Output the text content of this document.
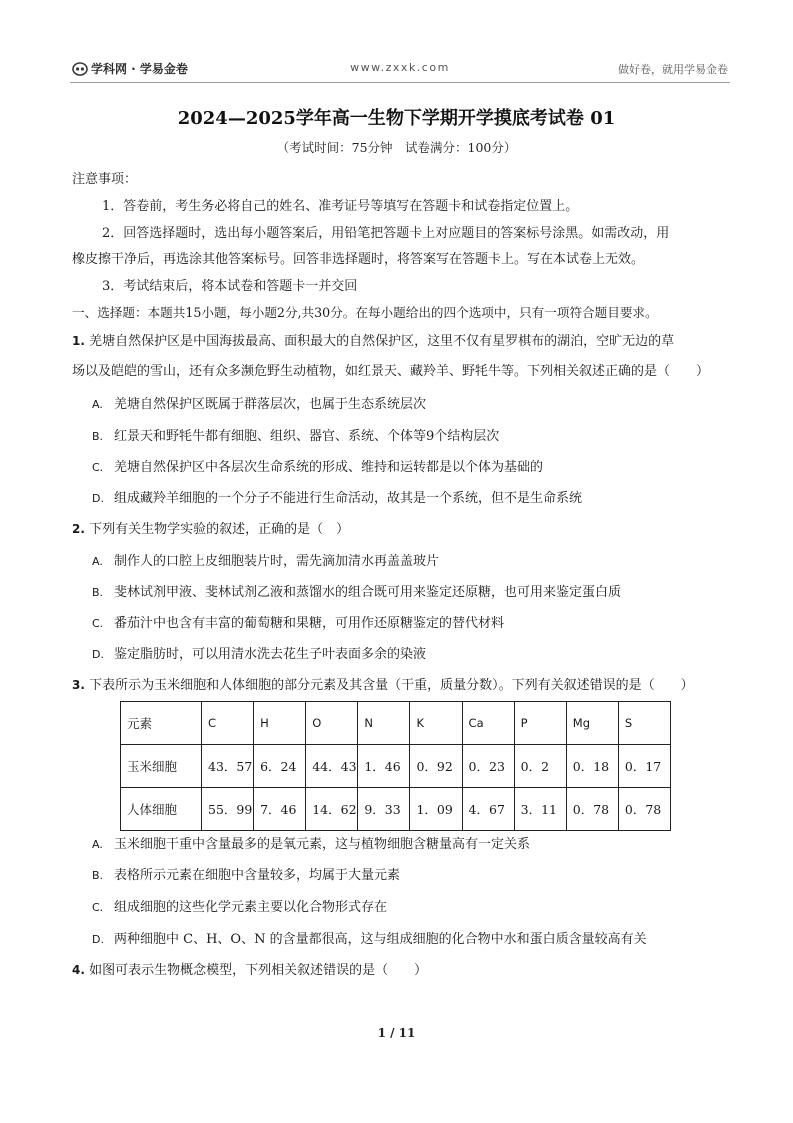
学科网 · 学易金卷	www.zxxk.com	做好卷，就用学易金卷
2024—2025学年高一生物下学期开学摸底考试卷 01
（考试时间：75分钟　试卷满分：100分）
注意事项：
1．答卷前，考生务必将自己的姓名、准考证号等填写在答题卡和试卷指定位置上。
2．回答选择题时，选出每小题答案后，用铅笔把答题卡上对应题目的答案标号涂黑。如需改动，用
橡皮擦干净后，再选涂其他答案标号。回答非选择题时，将答案写在答题卡上。写在本试卷上无效。
3．考试结束后，将本试卷和答题卡一并交回
一、选择题：本题共15小题，每小题2分,共30分。在每小题给出的四个选项中，只有一项符合题目要求。
1. 羌塘自然保护区是中国海拔最高、面积最大的自然保护区，这里不仅有星罗棋布的湖泊，空旷无边的草
场以及皑皑的雪山，还有众多濒危野生动植物，如红景天、藏羚羊、野牦牛等。下列相关叙述正确的是（　　）
A. 羌塘自然保护区既属于群落层次，也属于生态系统层次
B. 红景天和野牦牛都有细胞、组织、器官、系统、个体等9个结构层次
C. 羌塘自然保护区中各层次生命系统的形成、维持和运转都是以个体为基础的
D. 组成藏羚羊细胞的一个分子不能进行生命活动，故其是一个系统，但不是生命系统
2. 下列有关生物学实验的叙述，正确的是（　）
A. 制作人的口腔上皮细胞装片时，需先滴加清水再盖盖玻片
B. 斐林试剂甲液、斐林试剂乙液和蒸馏水的组合既可用来鉴定还原糖，也可用来鉴定蛋白质
C. 番茄汁中也含有丰富的葡萄糖和果糖，可用作还原糖鉴定的替代材料
D. 鉴定脂肪时，可以用清水洗去花生子叶表面多余的染液
3. 下表所示为玉米细胞和人体细胞的部分元素及其含量（干重，质量分数）。下列有关叙述错误的是（　　）
元素	C	H	O	N	K	Ca	P	Mg	S
玉米细胞	43．57	6．24	44．43	1．46	0．92	0．23	0．2	0．18	0．17
人体细胞	55．99	7．46	14．62	9．33	1．09	4．67	3．11	0．78	0．78
A. 玉米细胞干重中含量最多的是氧元素，这与植物细胞含糖量高有一定关系
B. 表格所示元素在细胞中含量较多，均属于大量元素
C. 组成细胞的这些化学元素主要以化合物形式存在
D. 两种细胞中 C、H、O、N 的含量都很高，这与组成细胞的化合物中水和蛋白质含量较高有关
4. 如图可表示生物概念模型，下列相关叙述错误的是（　　）
1 / 11
